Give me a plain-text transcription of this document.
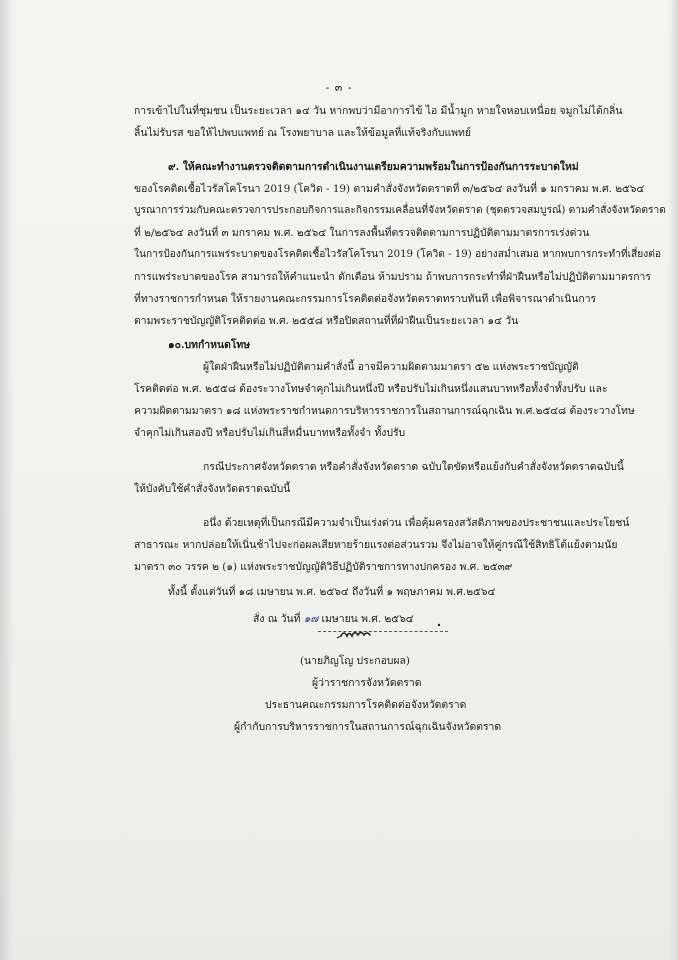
- ๓ -
การเข้าไปในที่ชุมชน เป็นระยะเวลา ๑๔ วัน หากพบว่ามีอาการไข้ ไอ มีน้ำมูก หายใจหอบเหนื่อย จมูกไม่ได้กลิ่น
ลิ้นไม่รับรส ขอให้ไปพบแพทย์ ณ โรงพยาบาล และให้ข้อมูลที่แท้จริงกับแพทย์
๙. ให้คณะทำงานตรวจติดตามการดำเนินงานเตรียมความพร้อมในการป้องกันการระบาดใหม่
ของโรคติดเชื้อไวรัสโคโรนา 2019 (โควิด - 19) ตามคำสั่งจังหวัดตราดที่ ๓/๒๕๖๔ ลงวันที่ ๑ มกราคม พ.ศ. ๒๕๖๔
บูรณาการร่วมกับคณะตรวจการประกอบกิจการและกิจกรรมเคลื่อนที่จังหวัดตราด (ชุดตรวจสมบูรณ์) ตามคำสั่งจังหวัดตราด
ที่ ๒/๒๕๖๔ ลงวันที่ ๓ มกราคม พ.ศ. ๒๕๖๔ ในการลงพื้นที่ตรวจติดตามการปฏิบัติตามมาตรการเร่งด่วน
ในการป้องกันการแพร่ระบาดของโรคติดเชื้อไวรัสโคโรนา 2019 (โควิด - 19) อย่างสม่ำเสมอ หากพบการกระทำที่เสี่ยงต่อ
การแพร่ระบาดของโรค สามารถให้คำแนะนำ ตักเตือน ห้ามปราม ถ้าพบการกระทำที่ฝ่าฝืนหรือไม่ปฏิบัติตามมาตรการ
ที่ทางราชการกำหนด ให้รายงานคณะกรรมการโรคติดต่อจังหวัดตราดทราบทันที เพื่อพิจารณาดำเนินการ
ตามพระราชบัญญัติโรคติดต่อ พ.ศ. ๒๕๕๘ หรือปิดสถานที่ที่ฝ่าฝืนเป็นระยะเวลา ๑๔ วัน
๑๐.บทกำหนดโทษ
ผู้ใดฝ่าฝืนหรือไม่ปฏิบัติตามคำสั่งนี้ อาจมีความผิดตามมาตรา ๕๒ แห่งพระราชบัญญัติ
โรคติดต่อ พ.ศ. ๒๕๕๘ ต้องระวางโทษจำคุกไม่เกินหนึ่งปี หรือปรับไม่เกินหนึ่งแสนบาทหรือทั้งจำทั้งปรับ และ
ความผิดตามมาตรา ๑๘ แห่งพระราชกำหนดการบริหารราชการในสถานการณ์ฉุกเฉิน พ.ศ.๒๕๔๘ ต้องระวางโทษ
จำคุกไม่เกินสองปี หรือปรับไม่เกินสี่หมื่นบาทหรือทั้งจำ ทั้งปรับ
กรณีประกาศจังหวัดตราด หรือคำสั่งจังหวัดตราด ฉบับใดขัดหรือแย้งกับคำสั่งจังหวัดตราดฉบับนี้
ให้บังคับใช้คำสั่งจังหวัดตราดฉบับนี้
อนึ่ง ด้วยเหตุที่เป็นกรณีมีความจำเป็นเร่งด่วน เพื่อคุ้มครองสวัสดิภาพของประชาชนและประโยชน์
สาธารณะ หากปล่อยให้เนิ่นช้าไปจะก่อผลเสียหายร้ายแรงต่อส่วนรวม จึงไม่อาจให้คู่กรณีใช้สิทธิโต้แย้งตามนัย
มาตรา ๓๐ วรรค ๒ (๑) แห่งพระราชบัญญัติวิธีปฏิบัติราชการทางปกครอง พ.ศ. ๒๕๓๙
ทั้งนี้ ตั้งแต่วันที่ ๑๘ เมษายน พ.ศ. ๒๕๖๔ ถึงวันที่ ๑ พฤษภาคม พ.ศ.๒๕๖๔
สั่ง ณ วันที่ ๑๗ เมษายน พ.ศ. ๒๕๖๔
(นายภิญโญ ประกอบผล)
ผู้ว่าราชการจังหวัดตราด
ประธานคณะกรรมการโรคติดต่อจังหวัดตราด
ผู้กำกับการบริหารราชการในสถานการณ์ฉุกเฉินจังหวัดตราด
